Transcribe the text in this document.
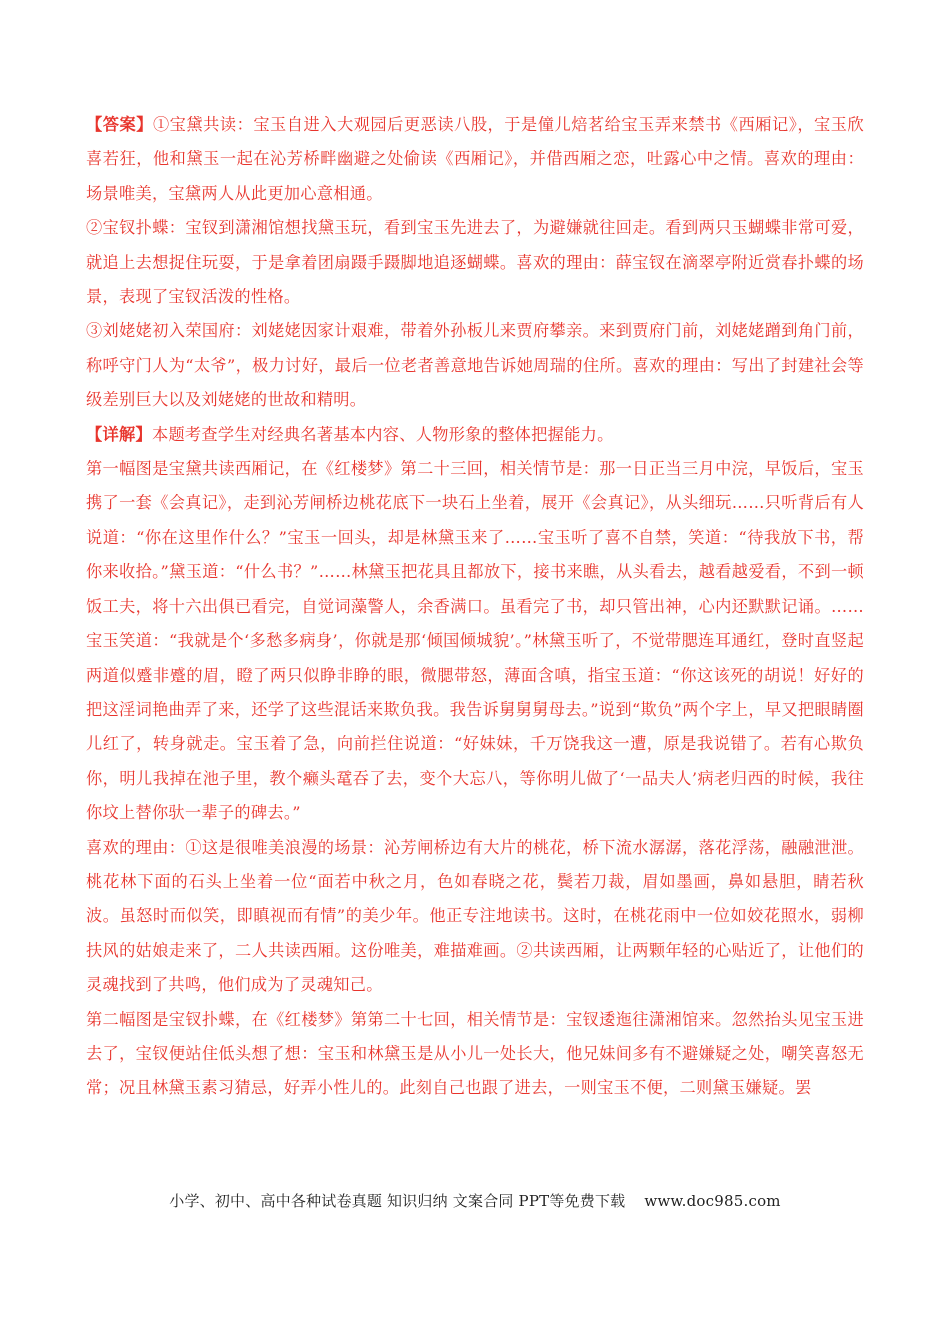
【答案】①宝黛共读：宝玉自进入大观园后更恶读八股，于是僮儿焙茗给宝玉弄来禁书《西厢记》，宝玉欣喜若狂，他和黛玉一起在沁芳桥畔幽避之处偷读《西厢记》，并借西厢之恋，吐露心中之情。喜欢的理由：场景唯美，宝黛两人从此更加心意相通。

②宝钗扑蝶：宝钗到潇湘馆想找黛玉玩，看到宝玉先进去了，为避嫌就往回走。看到两只玉蝴蝶非常可爱，就追上去想捉住玩耍，于是拿着团扇蹑手蹑脚地追逐蝴蝶。喜欢的理由：薛宝钗在滴翠亭附近赏春扑蝶的场景，表现了宝钗活泼的性格。

③刘姥姥初入荣国府：刘姥姥因家计艰难，带着外孙板儿来贾府攀亲。来到贾府门前，刘姥姥蹭到角门前，称呼守门人为“太爷”，极力讨好，最后一位老者善意地告诉她周瑞的住所。喜欢的理由：写出了封建社会等级差别巨大以及刘姥姥的世故和精明。

【详解】本题考查学生对经典名著基本内容、人物形象的整体把握能力。

第一幅图是宝黛共读西厢记，在《红楼梦》第二十三回，相关情节是：那一日正当三月中浣，早饭后，宝玉携了一套《会真记》，走到沁芳闸桥边桃花底下一块石上坐着，展开《会真记》，从头细玩……只听背后有人说道：“你在这里作什么？”宝玉一回头，却是林黛玉来了……宝玉听了喜不自禁，笑道：“待我放下书，帮你来收拾。”黛玉道：“什么书？”……林黛玉把花具且都放下，接书来瞧，从头看去，越看越爱看，不到一顿饭工夫，将十六出俱已看完，自觉词藻警人，余香满口。虽看完了书，却只管出神，心内还默默记诵。……宝玉笑道：“我就是个‘多愁多病身’，你就是那‘倾国倾城貌’。”林黛玉听了，不觉带腮连耳通红，登时直竖起两道似蹙非蹙的眉，瞪了两只似睁非睁的眼，微腮带怒，薄面含嗔，指宝玉道：“你这该死的胡说！好好的把这淫词艳曲弄了来，还学了这些混话来欺负我。我告诉舅舅舅母去。”说到“欺负”两个字上，早又把眼睛圈儿红了，转身就走。宝玉着了急，向前拦住说道：“好妹妹，千万饶我这一遭，原是我说错了。若有心欺负你，明儿我掉在池子里，教个癞头鼋吞了去，变个大忘八，等你明儿做了‘一品夫人’病老归西的时候，我往你坟上替你驮一辈子的碑去。”

喜欢的理由：①这是很唯美浪漫的场景：沁芳闸桥边有大片的桃花，桥下流水潺潺，落花浮荡，融融泄泄。桃花林下面的石头上坐着一位“面若中秋之月，色如春晓之花，鬓若刀裁，眉如墨画，鼻如悬胆，睛若秋波。虽怒时而似笑，即瞋视而有情”的美少年。他正专注地读书。这时，在桃花雨中一位如姣花照水，弱柳扶风的姑娘走来了，二人共读西厢。这份唯美，难描难画。②共读西厢，让两颗年轻的心贴近了，让他们的灵魂找到了共鸣，他们成为了灵魂知己。

第二幅图是宝钗扑蝶，在《红楼梦》第第二十七回，相关情节是：宝钗逶迤往潇湘馆来。忽然抬头见宝玉进去了，宝钗便站住低头想了想：宝玉和林黛玉是从小儿一处长大，他兄妹间多有不避嫌疑之处，嘲笑喜怒无常；况且林黛玉素习猜忌，好弄小性儿的。此刻自己也跟了进去，一则宝玉不便，二则黛玉嫌疑。罢

小学、初中、高中各种试卷真题 知识归纳 文案合同 PPT等免费下载 www.doc985.com
